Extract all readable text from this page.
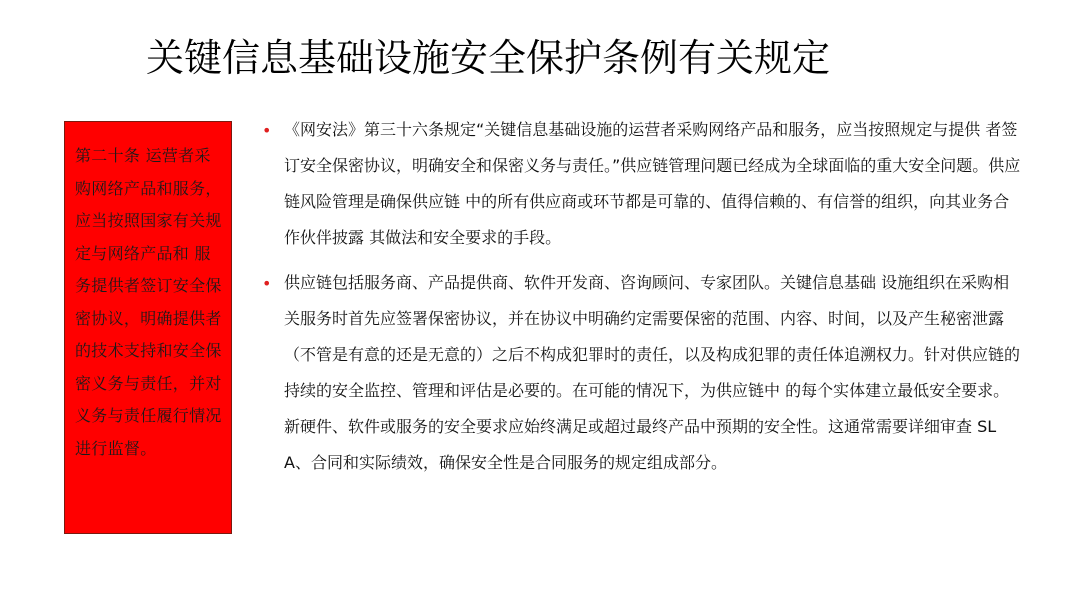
关键信息基础设施安全保护条例有关规定
第二十条 运营者采购网络产品和服务，应当按照国家有关规定与网络产品和 服务提供者签订安全保密协议，明确提供者的技术支持和安全保密义务与责任，并对义务与责任履行情况进行监督。
• 《网安法》第三十六条规定“关键信息基础设施的运营者采购网络产品和服务，应当按照规定与提供 者签订安全保密协议，明确安全和保密义务与责任。”供应链管理问题已经成为全球面临的重大安全问题。供应链风险管理是确保供应链 中的所有供应商或环节都是可靠的、值得信赖的、有信誉的组织，向其业务合作伙伴披露 其做法和安全要求的手段。
• 供应链包括服务商、产品提供商、软件开发商、咨询顾问、专家团队。关键信息基础 设施组织在采购相关服务时首先应签署保密协议，并在协议中明确约定需要保密的范围、内容、时间，以及产生秘密泄露（不管是有意的还是无意的）之后不构成犯罪时的责任，以及构成犯罪的责任体追溯权力。针对供应链的持续的安全监控、管理和评估是必要的。在可能的情况下，为供应链中 的每个实体建立最低安全要求。新硬件、软件或服务的安全要求应始终满足或超过最终产品中预期的安全性。这通常需要详细审查 SLA、合同和实际绩效，确保安全性是合同服务的规定组成部分。
